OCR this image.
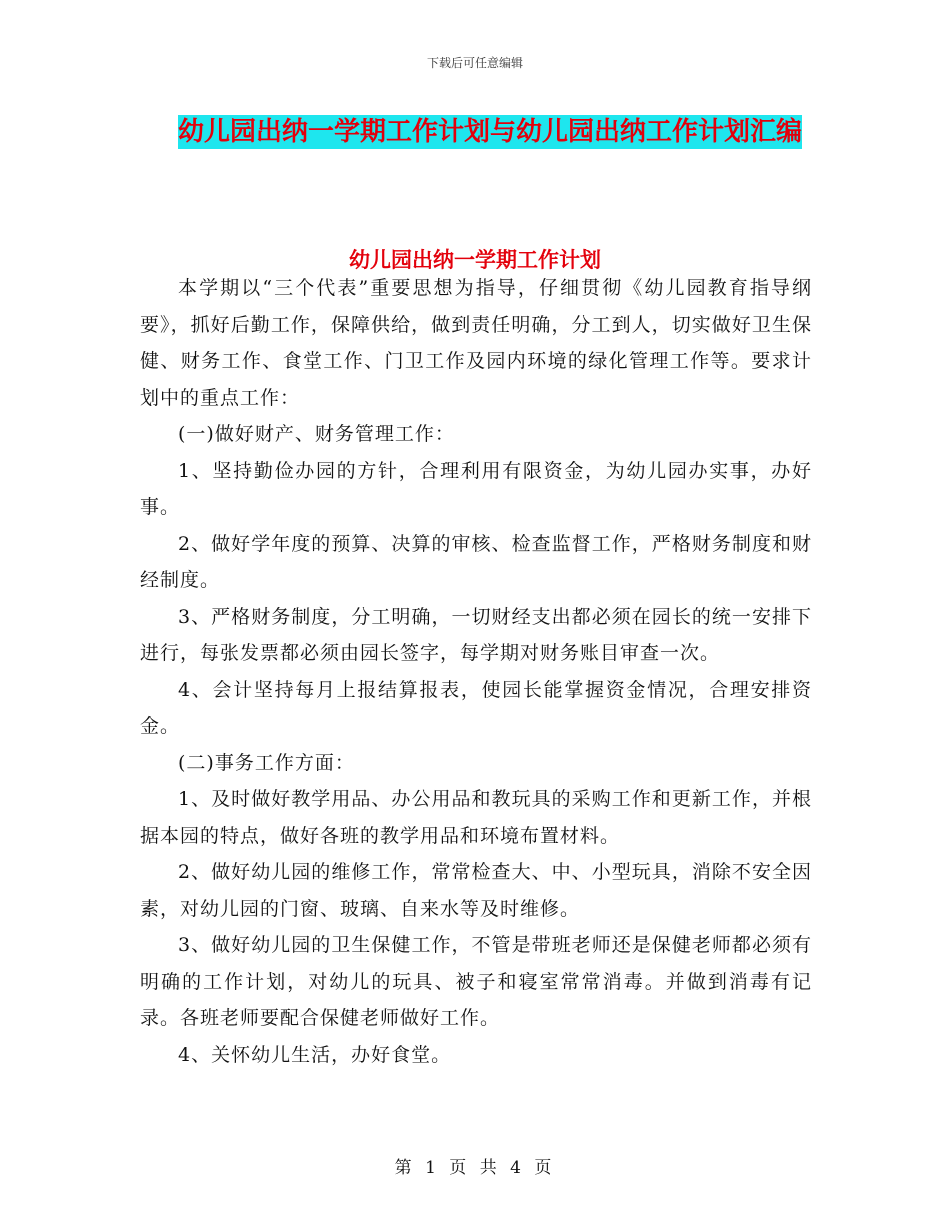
下载后可任意编辑
幼儿园出纳一学期工作计划与幼儿园出纳工作计划汇编
幼儿园出纳一学期工作计划

本学期以“三个代表”重要思想为指导，仔细贯彻《幼儿园教育指导纲要》，抓好后勤工作，保障供给，做到责任明确，分工到人，切实做好卫生保健、财务工作、食堂工作、门卫工作及园内环境的绿化管理工作等。要求计划中的重点工作：

(一)做好财产、财务管理工作：

1、坚持勤俭办园的方针，合理利用有限资金，为幼儿园办实事，办好事。

2、做好学年度的预算、决算的审核、检查监督工作，严格财务制度和财经制度。

3、严格财务制度，分工明确，一切财经支出都必须在园长的统一安排下进行，每张发票都必须由园长签字，每学期对财务账目审查一次。

4、会计坚持每月上报结算报表，使园长能掌握资金情况，合理安排资金。

(二)事务工作方面：

1、及时做好教学用品、办公用品和教玩具的采购工作和更新工作，并根据本园的特点，做好各班的教学用品和环境布置材料。

2、做好幼儿园的维修工作，常常检查大、中、小型玩具，消除不安全因素，对幼儿园的门窗、玻璃、自来水等及时维修。

3、做好幼儿园的卫生保健工作，不管是带班老师还是保健老师都必须有明确的工作计划，对幼儿的玩具、被子和寝室常常消毒。并做到消毒有记录。各班老师要配合保健老师做好工作。

4、关怀幼儿生活，办好食堂。

第 1 页 共 4 页
